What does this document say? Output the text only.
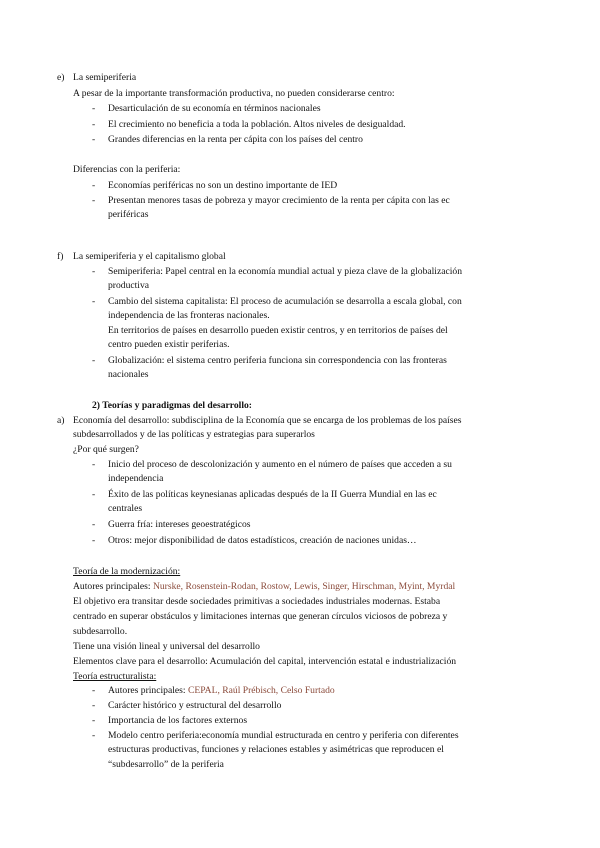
e) La semiperiferia
A pesar de la importante transformación productiva, no pueden considerarse centro:
- Desarticulación de su economía en términos nacionales
- El crecimiento no beneficia a toda la población. Altos niveles de desigualdad.
- Grandes diferencias en la renta per cápita con los países del centro
Diferencias con la periferia:
- Economías periféricas no son un destino importante de IED
- Presentan menores tasas de pobreza y mayor crecimiento de la renta per cápita con las ec
periféricas
f) La semiperiferia y el capitalismo global
- Semiperiferia: Papel central en la economía mundial actual y pieza clave de la globalización
productiva
- Cambio del sistema capitalista: El proceso de acumulación se desarrolla a escala global, con
independencia de las fronteras nacionales.
En territorios de países en desarrollo pueden existir centros, y en territorios de países del
centro pueden existir periferias.
- Globalización: el sistema centro periferia funciona sin correspondencia con las fronteras
nacionales
2) Teorías y paradigmas del desarrollo:
a) Economía del desarrollo: subdisciplina de la Economía que se encarga de los problemas de los países
subdesarrollados y de las políticas y estrategias para superarlos
¿Por qué surgen?
- Inicio del proceso de descolonización y aumento en el número de países que acceden a su
independencia
- Éxito de las políticas keynesianas aplicadas después de la II Guerra Mundial en las ec
centrales
- Guerra fría: intereses geoestratégicos
- Otros: mejor disponibilidad de datos estadísticos, creación de naciones unidas…
Teoría de la modernización:
Autores principales: Nurske, Rosenstein-Rodan, Rostow, Lewis, Singer, Hirschman, Myint, Myrdal
El objetivo era transitar desde sociedades primitivas a sociedades industriales modernas. Estaba
centrado en superar obstáculos y limitaciones internas que generan círculos viciosos de pobreza y
subdesarrollo.
Tiene una visión lineal y universal del desarrollo
Elementos clave para el desarrollo: Acumulación del capital, intervención estatal e industrialización
Teoría estructuralista:
- Autores principales: CEPAL, Raúl Prébisch, Celso Furtado
- Carácter histórico y estructural del desarrollo
- Importancia de los factores externos
- Modelo centro periferia:economía mundial estructurada en centro y periferia con diferentes
estructuras productivas, funciones y relaciones estables y asimétricas que reproducen el
“subdesarrollo” de la periferia
